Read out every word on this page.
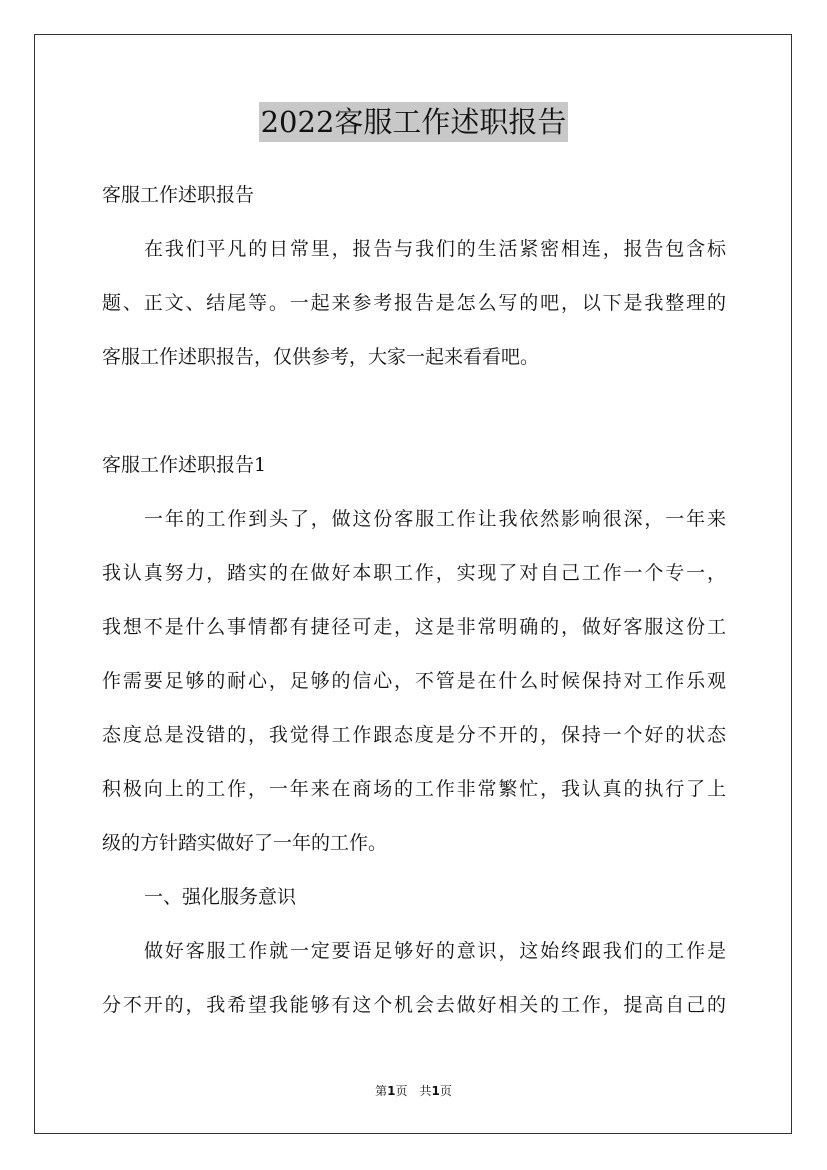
2022客服工作述职报告
客服工作述职报告
在我们平凡的日常里，报告与我们的生活紧密相连，报告包含标
题、正文、结尾等。一起来参考报告是怎么写的吧，以下是我整理的
客服工作述职报告，仅供参考，大家一起来看看吧。
客服工作述职报告1
一年的工作到头了，做这份客服工作让我依然影响很深，一年来
我认真努力，踏实的在做好本职工作，实现了对自己工作一个专一，
我想不是什么事情都有捷径可走，这是非常明确的，做好客服这份工
作需要足够的耐心，足够的信心，不管是在什么时候保持对工作乐观
态度总是没错的，我觉得工作跟态度是分不开的，保持一个好的状态
积极向上的工作，一年来在商场的工作非常繁忙，我认真的执行了上
级的方针踏实做好了一年的工作。
一、强化服务意识
做好客服工作就一定要语足够好的意识，这始终跟我们的工作是
分不开的，我希望我能够有这个机会去做好相关的工作，提高自己的
第1页 共1页
